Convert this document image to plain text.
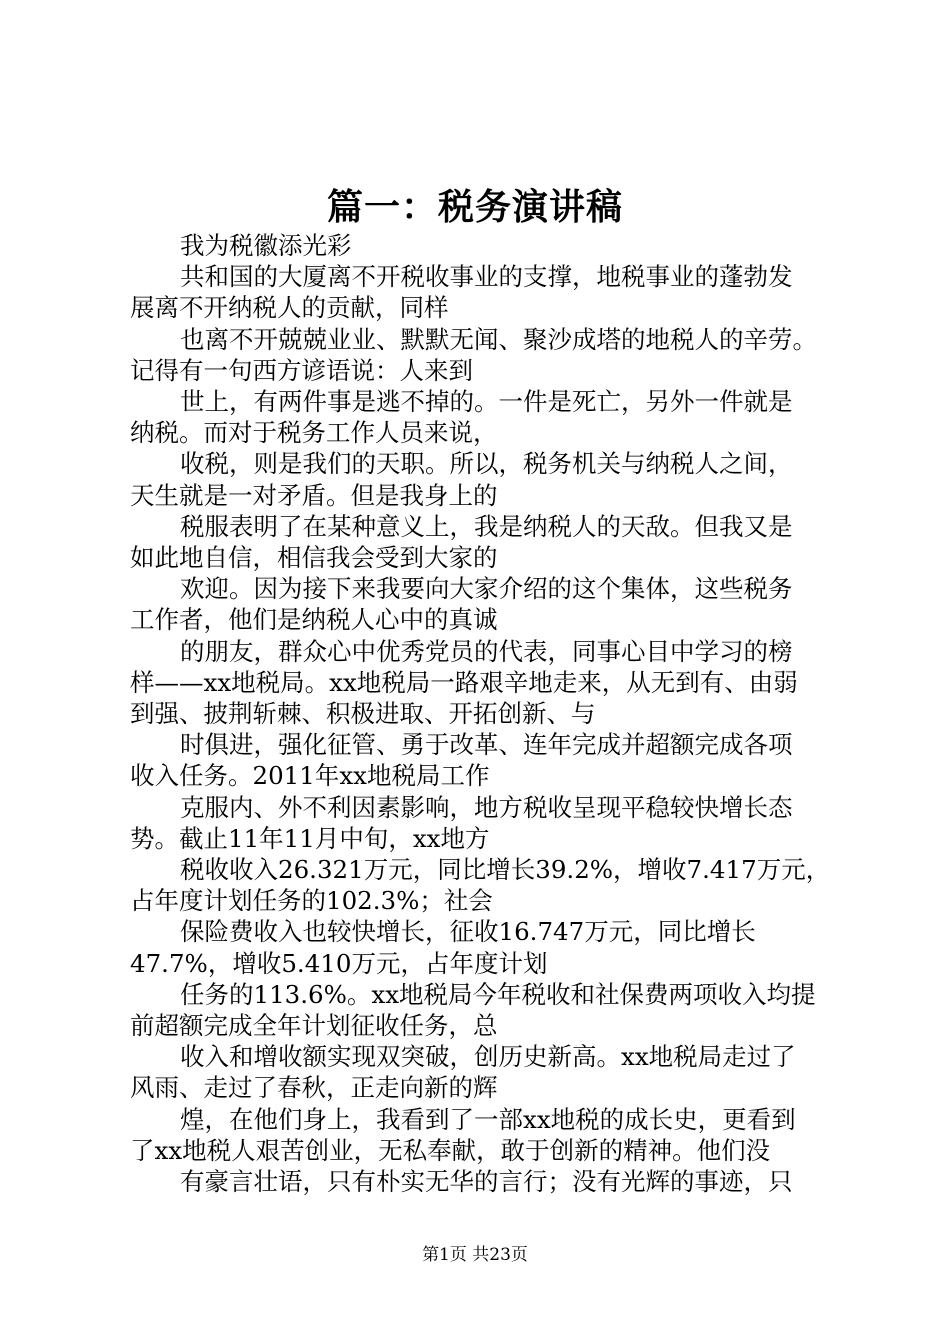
篇一：税务演讲稿
我为税徽添光彩
共和国的大厦离不开税收事业的支撑，地税事业的蓬勃发
展离不开纳税人的贡献，同样
也离不开兢兢业业、默默无闻、聚沙成塔的地税人的辛劳。
记得有一句西方谚语说：人来到
世上，有两件事是逃不掉的。一件是死亡，另外一件就是
纳税。而对于税务工作人员来说，
收税，则是我们的天职。所以，税务机关与纳税人之间，
天生就是一对矛盾。但是我身上的
税服表明了在某种意义上，我是纳税人的天敌。但我又是
如此地自信，相信我会受到大家的
欢迎。因为接下来我要向大家介绍的这个集体，这些税务
工作者，他们是纳税人心中的真诚
的朋友，群众心中优秀党员的代表，同事心目中学习的榜
样——xx地税局。xx地税局一路艰辛地走来，从无到有、由弱
到强、披荆斩棘、积极进取、开拓创新、与
时俱进，强化征管、勇于改革、连年完成并超额完成各项
收入任务。2011年xx地税局工作
克服内、外不利因素影响，地方税收呈现平稳较快增长态
势。截止11年11月中旬，xx地方
税收收入26.321万元，同比增长39.2%，增收7.417万元，
占年度计划任务的102.3%；社会
保险费收入也较快增长，征收16.747万元，同比增长
47.7%，增收5.410万元，占年度计划
任务的113.6%。xx地税局今年税收和社保费两项收入均提
前超额完成全年计划征收任务，总
收入和增收额实现双突破，创历史新高。xx地税局走过了
风雨、走过了春秋，正走向新的辉
煌，在他们身上，我看到了一部xx地税的成长史，更看到
了xx地税人艰苦创业，无私奉献，敢于创新的精神。他们没
有豪言壮语，只有朴实无华的言行；没有光辉的事迹，只
第1页 共23页
